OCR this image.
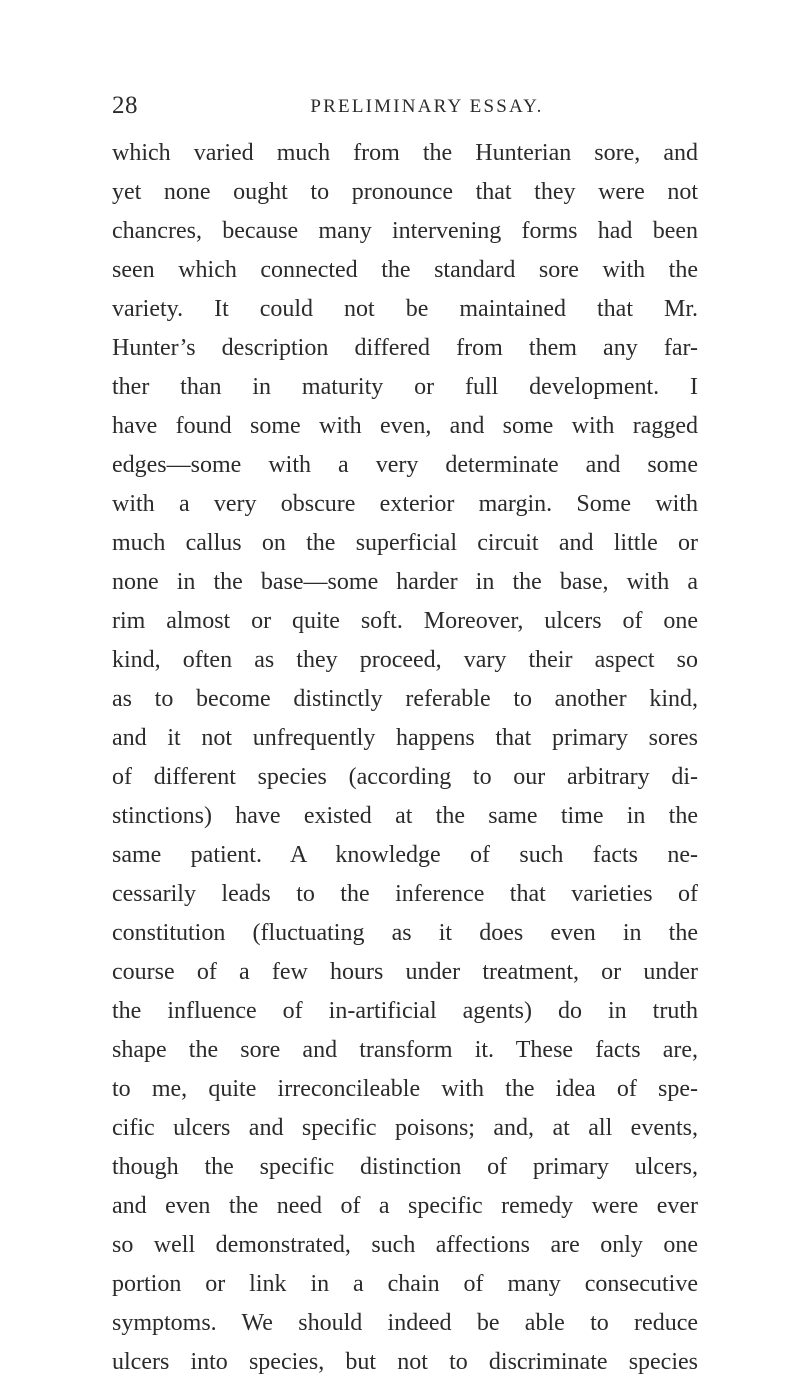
28	PRELIMINARY ESSAY.
which varied much from the Hunterian sore, and
yet none ought to pronounce that they were not
chancres, because many intervening forms had been
seen which connected the standard sore with the
variety. It could not be maintained that Mr.
Hunter’s description differed from them any far-
ther than in maturity or full development. I
have found some with even, and some with ragged
edges—some with a very determinate and some
with a very obscure exterior margin. Some with
much callus on the superficial circuit and little or
none in the base—some harder in the base, with a
rim almost or quite soft. Moreover, ulcers of one
kind, often as they proceed, vary their aspect so
as to become distinctly referable to another kind,
and it not unfrequently happens that primary sores
of different species (according to our arbitrary di-
stinctions) have existed at the same time in the
same patient. A knowledge of such facts ne-
cessarily leads to the inference that varieties of
constitution (fluctuating as it does even in the
course of a few hours under treatment, or under
the influence of in-artificial agents) do in truth
shape the sore and transform it. These facts are,
to me, quite irreconcileable with the idea of spe-
cific ulcers and specific poisons; and, at all events,
though the specific distinction of primary ulcers,
and even the need of a specific remedy were ever
so well demonstrated, such affections are only one
portion or link in a chain of many consecutive
symptoms. We should indeed be able to reduce
ulcers into species, but not to discriminate species
